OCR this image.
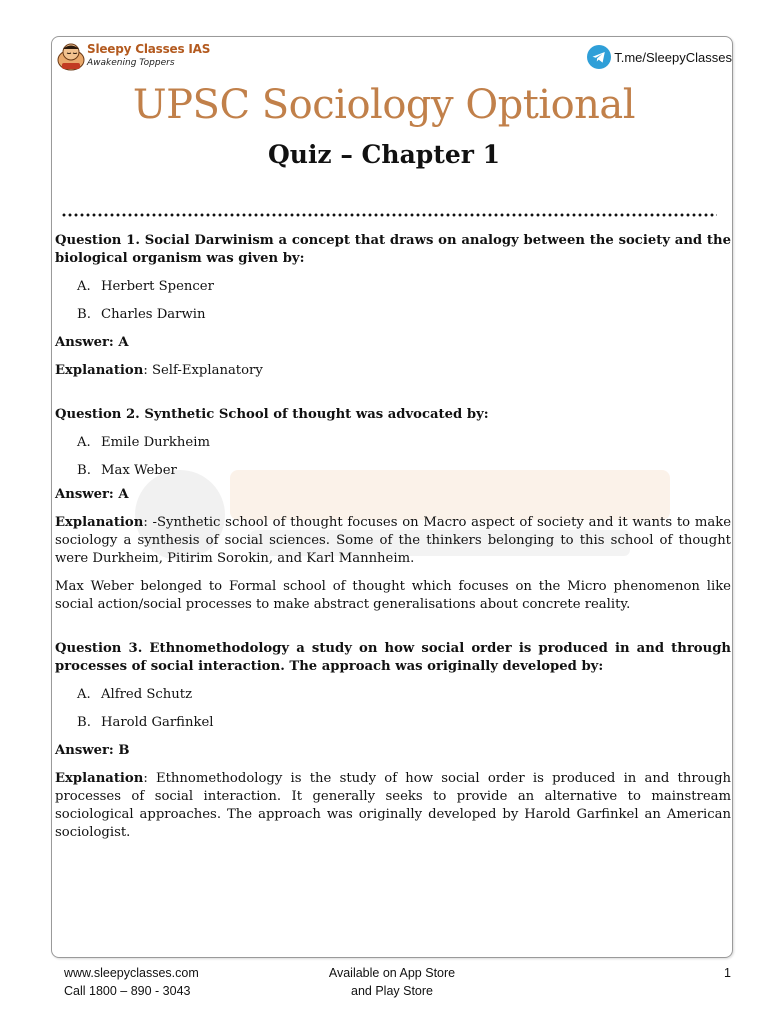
Sleepy Classes IAS
Awakening Toppers	T.me/SleepyClasses
UPSC Sociology Optional
Quiz – Chapter 1

Question 1. Social Darwinism a concept that draws on analogy between the society and the biological organism was given by:

A. Herbert Spencer
B. Charles Darwin

Answer: A

Explanation: Self-Explanatory

Question 2. Synthetic School of thought was advocated by:

A. Emile Durkheim
B. Max Weber

Answer: A

Explanation: -Synthetic school of thought focuses on Macro aspect of society and it wants to make sociology a synthesis of social sciences. Some of the thinkers belonging to this school of thought were Durkheim, Pitirim Sorokin, and Karl Mannheim.

Max Weber belonged to Formal school of thought which focuses on the Micro phenomenon like social action/social processes to make abstract generalisations about concrete reality.

Question 3. Ethnomethodology a study on how social order is produced in and through processes of social interaction. The approach was originally developed by:

A. Alfred Schutz
B. Harold Garfinkel

Answer: B

Explanation: Ethnomethodology is the study of how social order is produced in and through processes of social interaction. It generally seeks to provide an alternative to mainstream sociological approaches. The approach was originally developed by Harold Garfinkel an American sociologist.

www.sleepyclasses.com
Call 1800 – 890 - 3043
Available on App Store
and Play Store
1
